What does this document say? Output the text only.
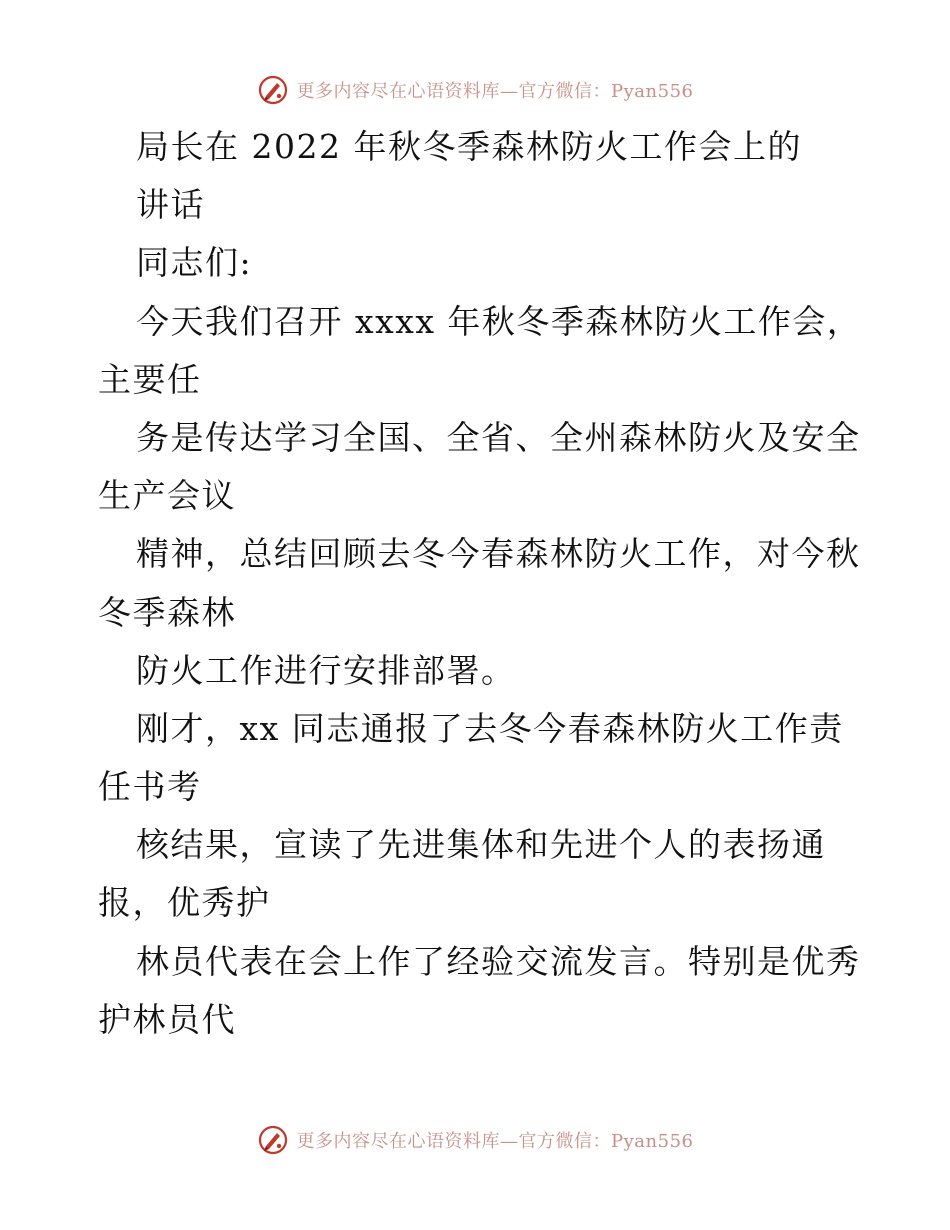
更多内容尽在心语资料库—官方微信：Pyan556
局长在 2022 年秋冬季森林防火工作会上的
讲话
同志们:
今天我们召开 xxxx 年秋冬季森林防火工作会，
主要任
务是传达学习全国、全省、全州森林防火及安全
生产会议
精神，总结回顾去冬今春森林防火工作，对今秋
冬季森林
防火工作进行安排部署。
刚才，xx 同志通报了去冬今春森林防火工作责
任书考
核结果，宣读了先进集体和先进个人的表扬通
报，优秀护
林员代表在会上作了经验交流发言。特别是优秀
护林员代
更多内容尽在心语资料库—官方微信：Pyan556
